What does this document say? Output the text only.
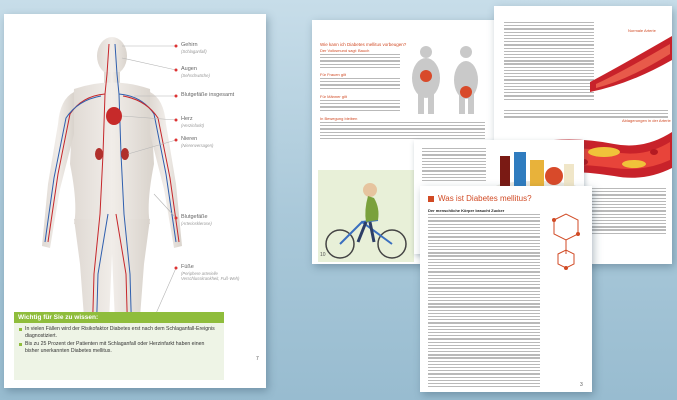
Gehirn
(Schlaganfall)
Augen
(Sehschwäche)
Blutgefäße insgesamt
Herz
(Herzinfarkt)
Nieren
(Nierenversagen)
Blutgefäße
(Arteriosklerose)
Füße
(Periphere arterielle Verschlusskrankheit, Fuß-Weh)
Wichtig für Sie zu wissen:
In vielen Fällen wird der Risikofaktor Diabetes erst nach dem Schlaganfall-Ereignis diagnostiziert.
Bis zu 25 Prozent der Patienten mit Schlaganfall oder Herzinfarkt haben einen bisher unerkannten Diabetes mellitus.
7
Wie kann ich Diabetes mellitus vorbeugen?
Der Volksmund sagt: Bauch
Für Frauen gilt
Für Männer gilt
In Bewegung bleiben
10
Normale Arterie
Ablagerungen in der Arterie
Was ist Diabetes mellitus?
Der menschliche Körper braucht Zucker
3
